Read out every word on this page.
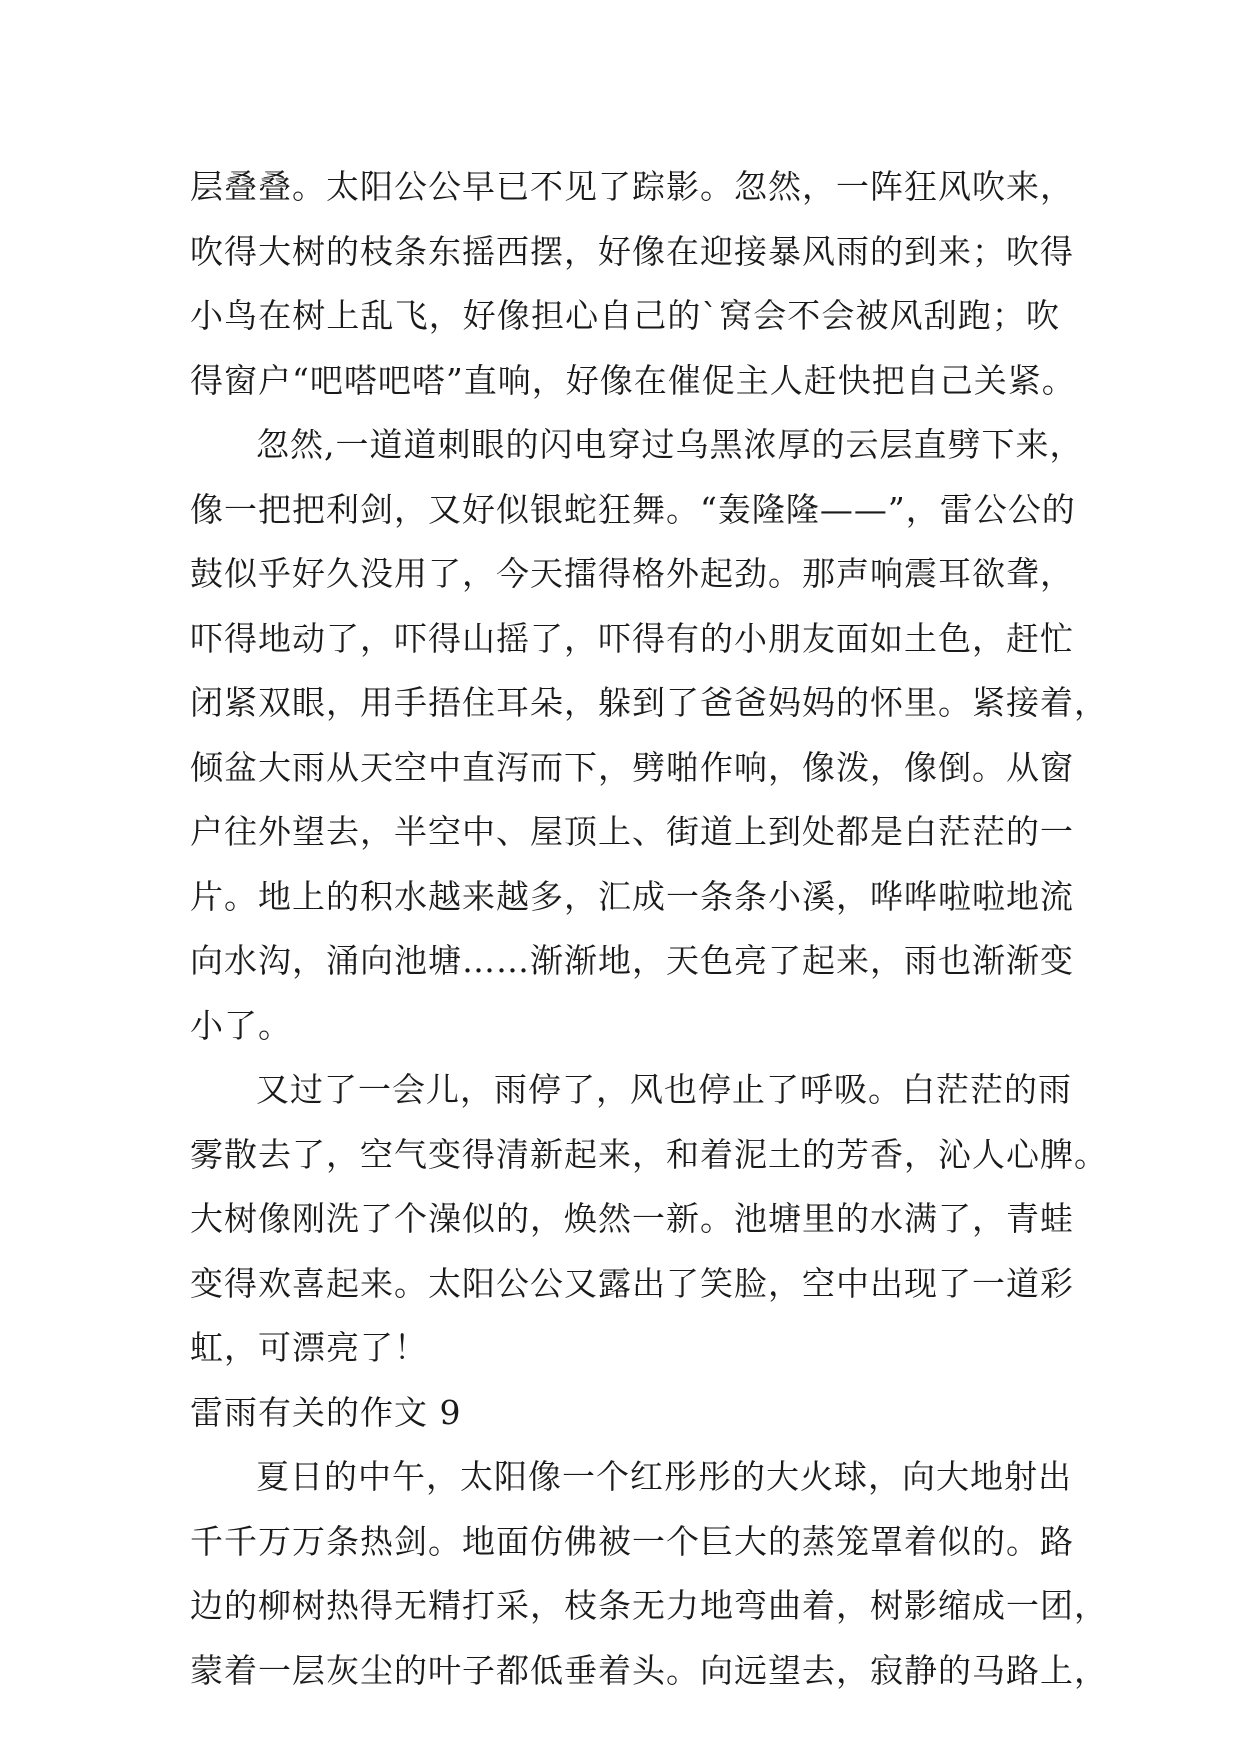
层叠叠。太阳公公早已不见了踪影。忽然，一阵狂风吹来，
吹得大树的枝条东摇西摆，好像在迎接暴风雨的到来；吹得
小鸟在树上乱飞，好像担心自己的`窝会不会被风刮跑；吹
得窗户“吧嗒吧嗒”直响，好像在催促主人赶快把自己关紧。
忽然,一道道刺眼的闪电穿过乌黑浓厚的云层直劈下来，
像一把把利剑，又好似银蛇狂舞。“轰隆隆——”，雷公公的
鼓似乎好久没用了，今天擂得格外起劲。那声响震耳欲聋，
吓得地动了，吓得山摇了，吓得有的小朋友面如土色，赶忙
闭紧双眼，用手捂住耳朵，躲到了爸爸妈妈的怀里。紧接着，
倾盆大雨从天空中直泻而下，劈啪作响，像泼，像倒。从窗
户往外望去，半空中、屋顶上、街道上到处都是白茫茫的一
片。地上的积水越来越多，汇成一条条小溪，哗哗啦啦地流
向水沟，涌向池塘……渐渐地，天色亮了起来，雨也渐渐变
小了。
又过了一会儿，雨停了，风也停止了呼吸。白茫茫的雨
雾散去了，空气变得清新起来，和着泥土的芳香，沁人心脾。
大树像刚洗了个澡似的，焕然一新。池塘里的水满了，青蛙
变得欢喜起来。太阳公公又露出了笑脸，空中出现了一道彩
虹，可漂亮了！
雷雨有关的作文 9
夏日的中午，太阳像一个红彤彤的大火球，向大地射出
千千万万条热剑。地面仿佛被一个巨大的蒸笼罩着似的。路
边的柳树热得无精打采，枝条无力地弯曲着，树影缩成一团，
蒙着一层灰尘的叶子都低垂着头。向远望去，寂静的马路上，
